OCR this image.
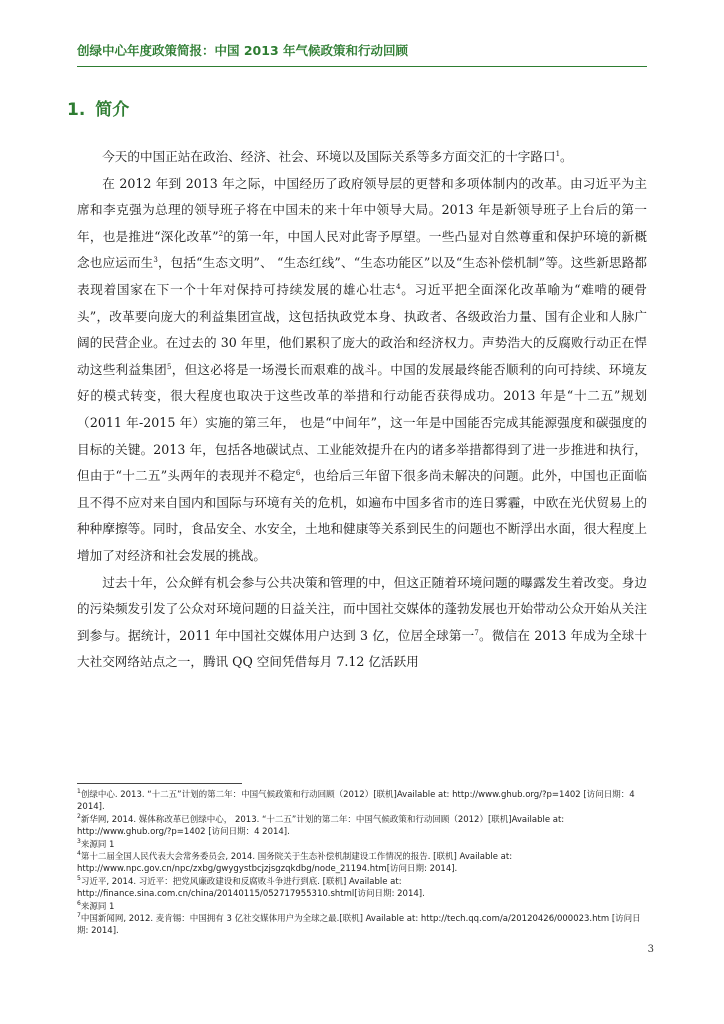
创绿中心年度政策简报：中国 2013 年气候政策和行动回顾
1. 简介

今天的中国正站在政治、经济、社会、环境以及国际关系等多方面交汇的十字路口$^1$。

在 2012 年到 2013 年之际，中国经历了政府领导层的更替和多项体制内的改革。由习近平为主席和李克强为总理的领导班子将在中国未的来十年中领导大局。2013 年是新领导班子上台后的第一年，也是推进“深化改革”$^2$的第一年，中国人民对此寄予厚望。一些凸显对自然尊重和保护环境的新概念也应运而生$^3$，包括“生态文明”、 “生态红线”、“生态功能区”以及“生态补偿机制”等。这些新思路都表现着国家在下一个十年对保持可持续发展的雄心壮志$^4$。习近平把全面深化改革喻为“难啃的硬骨头”，改革要向庞大的利益集团宣战，这包括执政党本身、执政者、各级政治力量、国有企业和人脉广阔的民营企业。在过去的 30 年里，他们累积了庞大的政治和经济权力。声势浩大的反腐败行动正在悍动这些利益集团$^5$，但这必将是一场漫长而艰难的战斗。中国的发展最终能否顺利的向可持续、环境友好的模式转变，很大程度也取决于这些改革的举措和行动能否获得成功。2013 年是“十二五”规划（2011 年-2015 年）实施的第三年， 也是“中间年”，这一年是中国能否完成其能源强度和碳强度的目标的关键。2013 年，包括各地碳试点、工业能效提升在内的诸多举措都得到了进一步推进和执行，但由于“十二五”头两年的表现并不稳定$^6$，也给后三年留下很多尚未解决的问题。此外，中国也正面临且不得不应对来自国内和国际与环境有关的危机，如遍布中国多省市的连日雾霾，中欧在光伏贸易上的种种摩擦等。同时，食品安全、水安全，土地和健康等关系到民生的问题也不断浮出水面，很大程度上增加了对经济和社会发展的挑战。

过去十年，公众鲜有机会参与公共决策和管理的中，但这正随着环境问题的曝露发生着改变。身边的污染频发引发了公众对环境问题的日益关注，而中国社交媒体的蓬勃发展也开始带动公众开始从关注到参与。据统计，2011 年中国社交媒体用户达到 3 亿，位居全球第一$^7$。微信在 2013 年成为全球十大社交网络站点之一，腾讯 QQ 空间凭借每月 7.12 亿活跃用

$^1$创绿中心. 2013. “十二五”计划的第二年：中国气候政策和行动回顾（2012）[联机]Available at: http://www.ghub.org/?p=1402 [访问日期：4 2014].

$^2$新华网, 2014. 媒体称改革已创绿中心， 2013. “十二五”计划的第二年：中国气候政策和行动回顾（2012）[联机]Available at: http://www.ghub.org/?p=1402 [访问日期：4 2014].

$^3$来源同 1

$^4$第十二届全国人民代表大会常务委员会, 2014. 国务院关于生态补偿机制建设工作情况的报告. [联机] Available at: http://www.npc.gov.cn/npc/zxbg/gwygystbcjzjsgzqkdbg/node_21194.htm[访问日期: 2014].

$^5$习近平, 2014. 习近平：把党风廉政建设和反腐败斗争进行到底. [联机] Available at: http://finance.sina.com.cn/china/20140115/052717955310.shtml[访问日期: 2014].

$^6$来源同 1

$^7$中国新闻网, 2012. 麦肯锡：中国拥有 3 亿社交媒体用户为全球之最.[联机] Available at: http://tech.qq.com/a/20120426/000023.htm [访问日期: 2014].

3
